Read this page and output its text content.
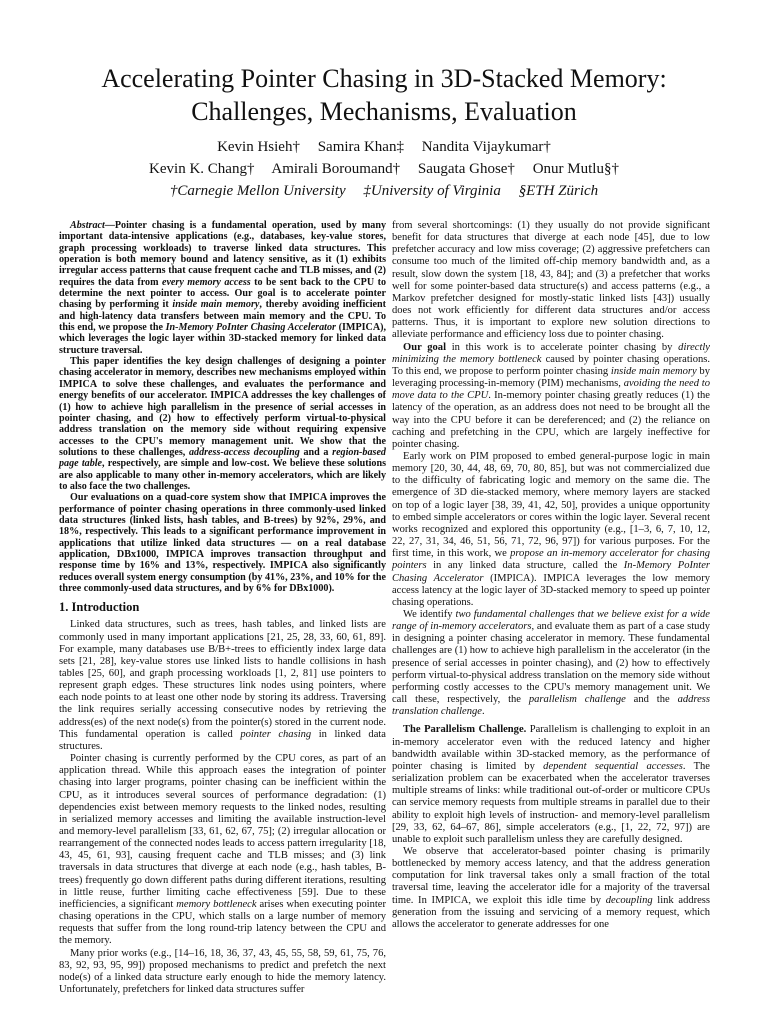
Accelerating Pointer Chasing in 3D-Stacked Memory:
Challenges, Mechanisms, Evaluation
Kevin Hsieh† Samira Khan‡ Nandita Vijaykumar†
Kevin K. Chang† Amirali Boroumand† Saugata Ghose† Onur Mutlu§†
†Carnegie Mellon University ‡University of Virginia §ETH Zürich

Abstract—Pointer chasing is a fundamental operation, used by many important data-intensive applications (e.g., databases, key-value stores, graph processing workloads) to traverse linked data structures. This operation is both memory bound and latency sensitive, as it (1) exhibits irregular access patterns that cause frequent cache and TLB misses, and (2) requires the data from every memory access to be sent back to the CPU to determine the next pointer to access. Our goal is to accelerate pointer chasing by performing it inside main memory, thereby avoiding inefficient and high-latency data transfers between main memory and the CPU. To this end, we propose the In-Memory PoInter Chasing Accelerator (IMPICA), which leverages the logic layer within 3D-stacked memory for linked data structure traversal.

This paper identifies the key design challenges of designing a pointer chasing accelerator in memory, describes new mechanisms employed within IMPICA to solve these challenges, and evaluates the performance and energy benefits of our accelerator. IMPICA addresses the key challenges of (1) how to achieve high parallelism in the presence of serial accesses in pointer chasing, and (2) how to effectively perform virtual-to-physical address translation on the memory side without requiring expensive accesses to the CPU's memory management unit. We show that the solutions to these challenges, address-access decoupling and a region-based page table, respectively, are simple and low-cost. We believe these solutions are also applicable to many other in-memory accelerators, which are likely to also face the two challenges.

Our evaluations on a quad-core system show that IMPICA improves the performance of pointer chasing operations in three commonly-used linked data structures (linked lists, hash tables, and B-trees) by 92%, 29%, and 18%, respectively. This leads to a significant performance improvement in applications that utilize linked data structures — on a real database application, DBx1000, IMPICA improves transaction throughput and response time by 16% and 13%, respectively. IMPICA also significantly reduces overall system energy consumption (by 41%, 23%, and 10% for the three commonly-used data structures, and by 6% for DBx1000).

1. Introduction

Linked data structures, such as trees, hash tables, and linked lists are commonly used in many important applications [21, 25, 28, 33, 60, 61, 89]. For example, many databases use B/B+-trees to efficiently index large data sets [21, 28], key-value stores use linked lists to handle collisions in hash tables [25, 60], and graph processing workloads [1, 2, 81] use pointers to represent graph edges. These structures link nodes using pointers, where each node points to at least one other node by storing its address. Traversing the link requires serially accessing consecutive nodes by retrieving the address(es) of the next node(s) from the pointer(s) stored in the current node. This fundamental operation is called pointer chasing in linked data structures.

Pointer chasing is currently performed by the CPU cores, as part of an application thread. While this approach eases the integration of pointer chasing into larger programs, pointer chasing can be inefficient within the CPU, as it introduces several sources of performance degradation: (1) dependencies exist between memory requests to the linked nodes, resulting in serialized memory accesses and limiting the available instruction-level and memory-level parallelism [33, 61, 62, 67, 75]; (2) irregular allocation or rearrangement of the connected nodes leads to access pattern irregularity [18, 43, 45, 61, 93], causing frequent cache and TLB misses; and (3) link traversals in data structures that diverge at each node (e.g., hash tables, B-trees) frequently go down different paths during different iterations, resulting in little reuse, further limiting cache effectiveness [59]. Due to these inefficiencies, a significant memory bottleneck arises when executing pointer chasing operations in the CPU, which stalls on a large number of memory requests that suffer from the long round-trip latency between the CPU and the memory.

Many prior works (e.g., [14–16, 18, 36, 37, 43, 45, 55, 58, 59, 61, 75, 76, 83, 92, 93, 95, 99]) proposed mechanisms to predict and prefetch the next node(s) of a linked data structure early enough to hide the memory latency. Unfortunately, prefetchers for linked data structures suffer

from several shortcomings: (1) they usually do not provide significant benefit for data structures that diverge at each node [45], due to low prefetcher accuracy and low miss coverage; (2) aggressive prefetchers can consume too much of the limited off-chip memory bandwidth and, as a result, slow down the system [18, 43, 84]; and (3) a prefetcher that works well for some pointer-based data structure(s) and access patterns (e.g., a Markov prefetcher designed for mostly-static linked lists [43]) usually does not work efficiently for different data structures and/or access patterns. Thus, it is important to explore new solution directions to alleviate performance and efficiency loss due to pointer chasing.

Our goal in this work is to accelerate pointer chasing by directly minimizing the memory bottleneck caused by pointer chasing operations. To this end, we propose to perform pointer chasing inside main memory by leveraging processing-in-memory (PIM) mechanisms, avoiding the need to move data to the CPU. In-memory pointer chasing greatly reduces (1) the latency of the operation, as an address does not need to be brought all the way into the CPU before it can be dereferenced; and (2) the reliance on caching and prefetching in the CPU, which are largely ineffective for pointer chasing.

Early work on PIM proposed to embed general-purpose logic in main memory [20, 30, 44, 48, 69, 70, 80, 85], but was not commercialized due to the difficulty of fabricating logic and memory on the same die. The emergence of 3D die-stacked memory, where memory layers are stacked on top of a logic layer [38, 39, 41, 42, 50], provides a unique opportunity to embed simple accelerators or cores within the logic layer. Several recent works recognized and explored this opportunity (e.g., [1–3, 6, 7, 10, 12, 22, 27, 31, 34, 46, 51, 56, 71, 72, 96, 97]) for various purposes. For the first time, in this work, we propose an in-memory accelerator for chasing pointers in any linked data structure, called the In-Memory PoInter Chasing Accelerator (IMPICA). IMPICA leverages the low memory access latency at the logic layer of 3D-stacked memory to speed up pointer chasing operations.

We identify two fundamental challenges that we believe exist for a wide range of in-memory accelerators, and evaluate them as part of a case study in designing a pointer chasing accelerator in memory. These fundamental challenges are (1) how to achieve high parallelism in the accelerator (in the presence of serial accesses in pointer chasing), and (2) how to effectively perform virtual-to-physical address translation on the memory side without performing costly accesses to the CPU's memory management unit. We call these, respectively, the parallelism challenge and the address translation challenge.

The Parallelism Challenge. Parallelism is challenging to exploit in an in-memory accelerator even with the reduced latency and higher bandwidth available within 3D-stacked memory, as the performance of pointer chasing is limited by dependent sequential accesses. The serialization problem can be exacerbated when the accelerator traverses multiple streams of links: while traditional out-of-order or multicore CPUs can service memory requests from multiple streams in parallel due to their ability to exploit high levels of instruction- and memory-level parallelism [29, 33, 62, 64–67, 86], simple accelerators (e.g., [1, 22, 72, 97]) are unable to exploit such parallelism unless they are carefully designed.

We observe that accelerator-based pointer chasing is primarily bottlenecked by memory access latency, and that the address generation computation for link traversal takes only a small fraction of the total traversal time, leaving the accelerator idle for a majority of the traversal time. In IMPICA, we exploit this idle time by decoupling link address generation from the issuing and servicing of a memory request, which allows the accelerator to generate addresses for one
